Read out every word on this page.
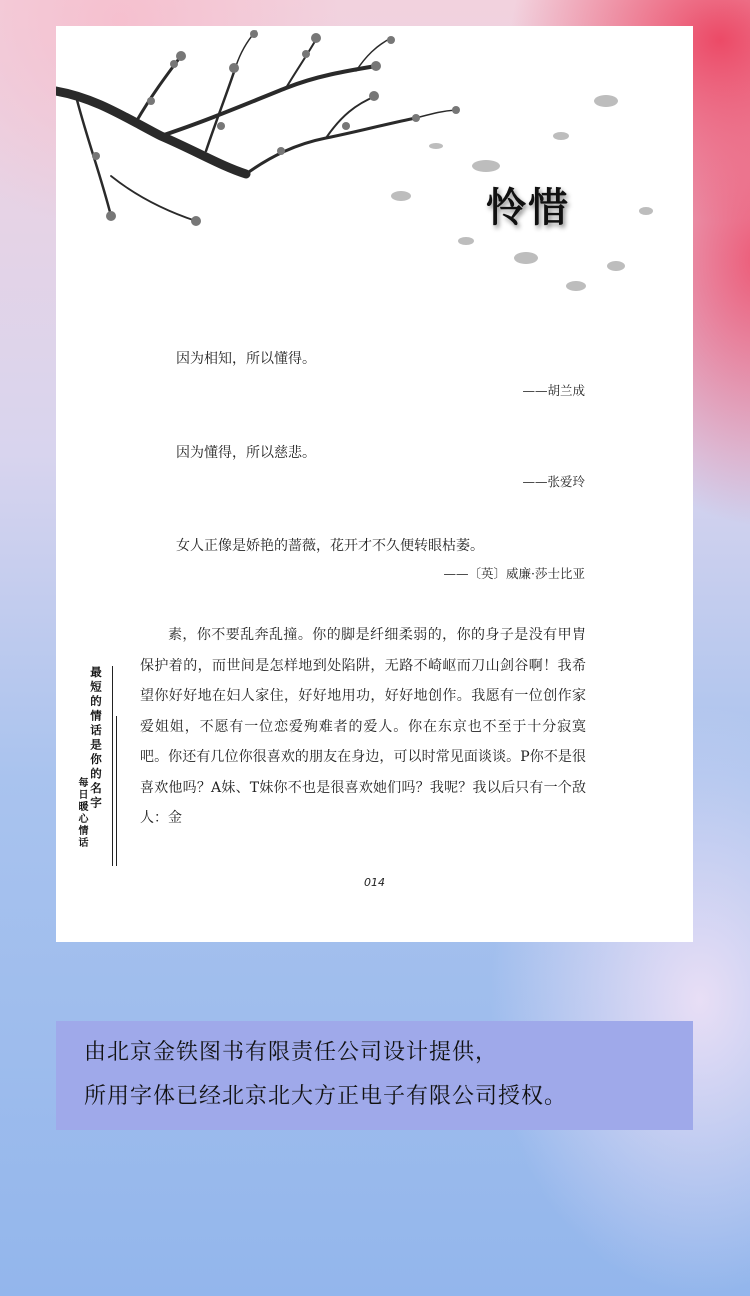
怜惜
因为相知，所以懂得。
——胡兰成
因为懂得，所以慈悲。
——张爱玲
女人正像是娇艳的蔷薇，花开才不久便转眼枯萎。
——〔英〕威廉·莎士比亚
素，你不要乱奔乱撞。你的脚是纤细柔弱的，你的身子是没有甲胄保护着的，而世间是怎样地到处陷阱，无路不崎岖而刀山剑谷啊！我希望你好好地在妇人家住，好好地用功，好好地创作。我愿有一位创作家爱姐姐，不愿有一位恋爱殉难者的爱人。你在东京也不至于十分寂寞吧。你还有几位你很喜欢的朋友在身边，可以时常见面谈谈。P你不是很喜欢他吗？A妹、T妹你不也是很喜欢她们吗？我呢？我以后只有一个敌人：金
最短的情话是你的名字
每日暖心情话
014
由北京金铁图书有限责任公司设计提供，
所用字体已经北京北大方正电子有限公司授权。
